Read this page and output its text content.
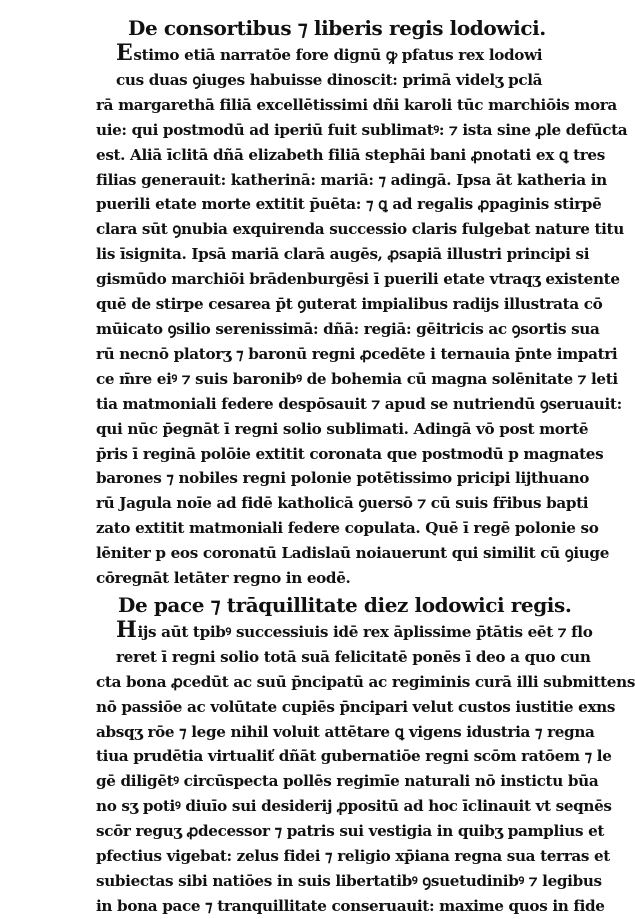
De consortibus ⁊ liberis regis lodowici.
Estimo etiā narratōe fore dignū ꝙ pfatus rex lodowi
cus duas ꝯiuges habuisse dinoscit: primā videlʒ pclā
rā margarethā filiā excellētissimi dñi karoli tūc marchiōis mora
uie: qui postmodū ad iperiū fuit sublimatꝰ: ⁊ ista sine ꝓle defūcta
est. Aliā īclitā dñā elizabeth filiā stephāi bani ꝓnotati ex ꝗ tres
filias generauit: katherinā: mariā: ⁊ adingā. Ipsa āt katheria in
puerili etate morte extitit p̄uēta: ⁊ ꝗ ad regalis ꝓpaginis stirpē
clara sūt ꝯnubia exquirenda successio claris fulgebat nature titu
lis īsignita. Ipsā mariā clarā augēs, ꝓsapiā illustri principi si
gismūdo marchiōi brādenburgēsi ī puerili etate vtraqʒ existente
quē de stirpe cesarea p̄t ꝯuterat impialibus radijs illustrata cō
mūicato ꝯsilio serenissimā: dñā: regiā: gēitricis ac ꝯsortis sua
rū necnō platorʒ ⁊ baronū regni ꝓcedēte i ternauia p̄nte impatri
ce m̄re eiꝰ ⁊ suis baronibꝰ de bohemia cū magna solēnitate ⁊ leti
tia matmoniali federe despōsauit ⁊ apud se nutriendū ꝯseruauit:
qui nūc p̄egnāt ī regni solio sublimati. Adingā vō post mortē
p̄ris ī reginā polōie extitit coronata que postmodū p magnates
barones ⁊ nobiles regni polonie potētissimo pricipi lijthuano
rū Jagula noīe ad fidē katholicā ꝯuersō ⁊ cū suis fr̄ibus bapti
zato extitit matmoniali federe copulata. Quē ī regē polonie so
lēniter p eos coronatū Ladislaū noiauerunt qui similit cū ꝯiuge
cōregnāt letāter regno in eodē.
De pace ⁊ trāquillitate diez lodowici regis.
Hijs aūt tpibꝰ successiuis idē rex āplissime p̄tātis eēt ⁊ flo
reret ī regni solio totā suā felicitatē ponēs ī deo a quo cun
cta bona ꝓcedūt ac suū p̄ncipatū ac regiminis curā illi submittens
nō passiōe ac volūtate cupiēs p̄ncipari velut custos iustitie exns
absqʒ rōe ⁊ lege nihil voluit attētare ꝗ vigens idustria ⁊ regna
tiua prudētia virtualiť dñāt gubernatiōe regni scōm ratōem ⁊ le
gē diligētꝰ circūspecta pollēs regimīe naturali nō instictu būa
no sʒ potiꝰ diuīo sui desiderij ꝓpositū ad hoc īclinauit vt seqnēs
scōr reguʒ ꝓdecessor ⁊ patris sui vestigia in quibʒ pamplius et
pfectius vigebat: zelus fidei ⁊ religio xp̄iana regna sua terras et
subiectas sibi natiōes in suis libertatibꝰ ꝯsuetudinibꝰ ⁊ legibus
in bona pace ⁊ tranquillitate conseruauit: maxime quos in fide
